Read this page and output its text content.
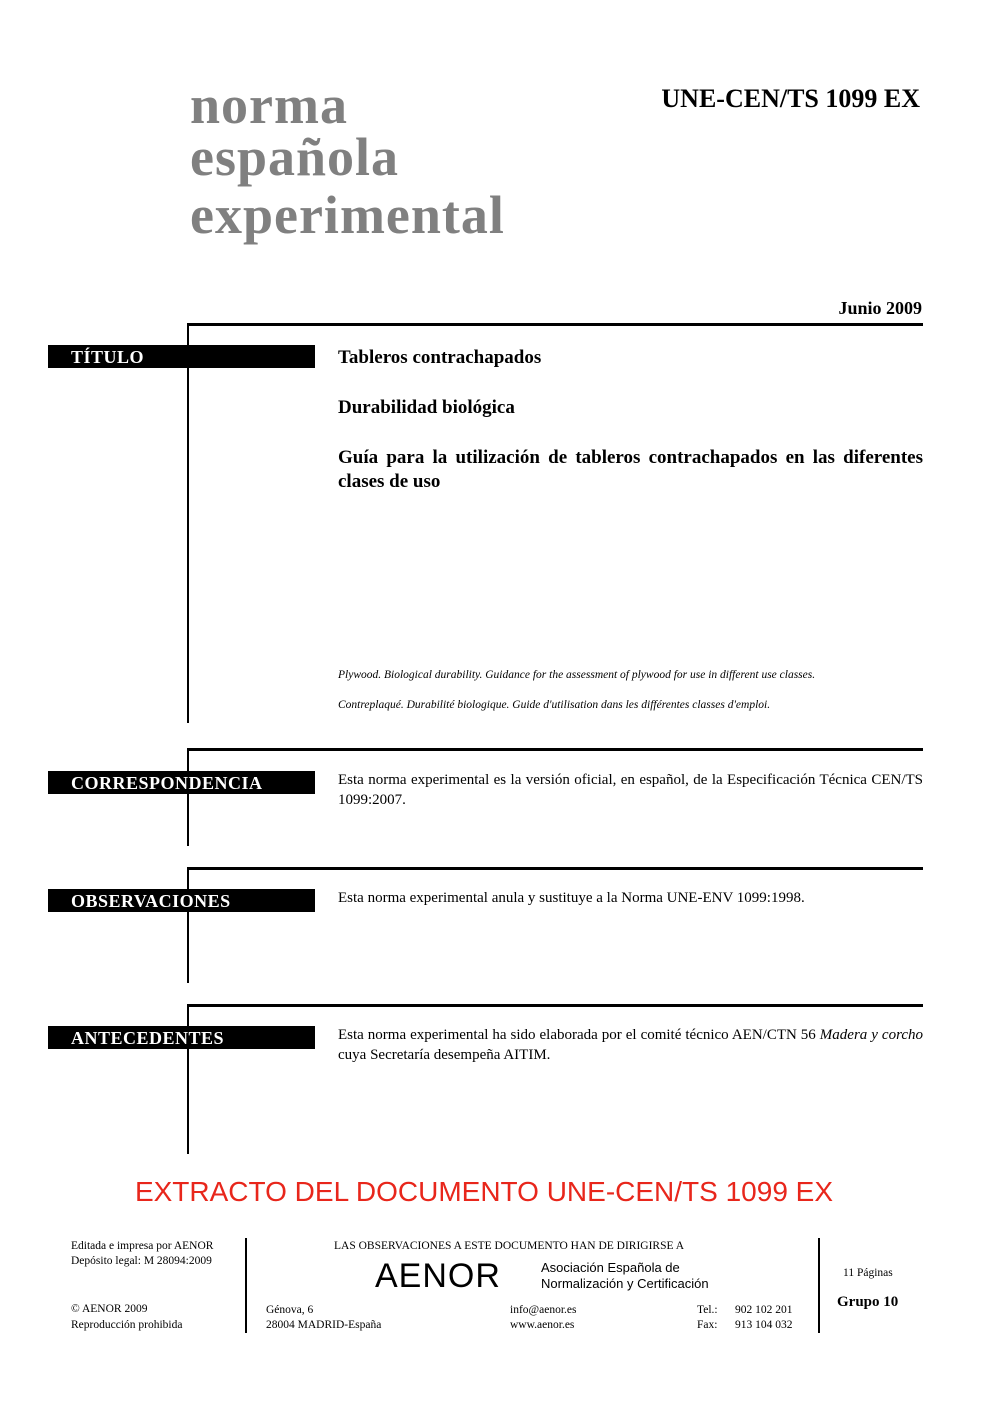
norma

española

experimental

UNE-CEN/TS 1099 EX
Junio 2009
TÍTULO	Tableros contrachapados

Durabilidad biológica

Guía para la utilización de tableros contrachapados en las diferentes clases de uso

Plywood. Biological durability. Guidance for the assessment of plywood for use in different use classes.
Contreplaqué. Durabilité biologique. Guide d'utilisation dans les différentes classes d'emploi.
CORRESPONDENCIA	Esta norma experimental es la versión oficial, en español, de la Especificación Técnica CEN/TS 1099:2007.

OBSERVACIONES	Esta norma experimental anula y sustituye a la Norma UNE-ENV 1099:1998.

ANTECEDENTES	Esta norma experimental ha sido elaborada por el comité técnico AEN/CTN 56 Madera y corcho cuya Secretaría desempeña AITIM.

EXTRACTO DEL DOCUMENTO UNE-CEN/TS 1099 EX
Editada e impresa por AENOR
Depósito legal: M 28094:2009
© AENOR 2009
Reproducción prohibida
LAS OBSERVACIONES A ESTE DOCUMENTO HAN DE DIRIGIRSE A
AENOR	Asociación Española de
Normalización y Certificación
Génova, 6
28004 MADRID-España
info@aenor.es
www.aenor.es
Tel.: 902 102 201
Fax: 913 104 032
11 Páginas
Grupo 10
